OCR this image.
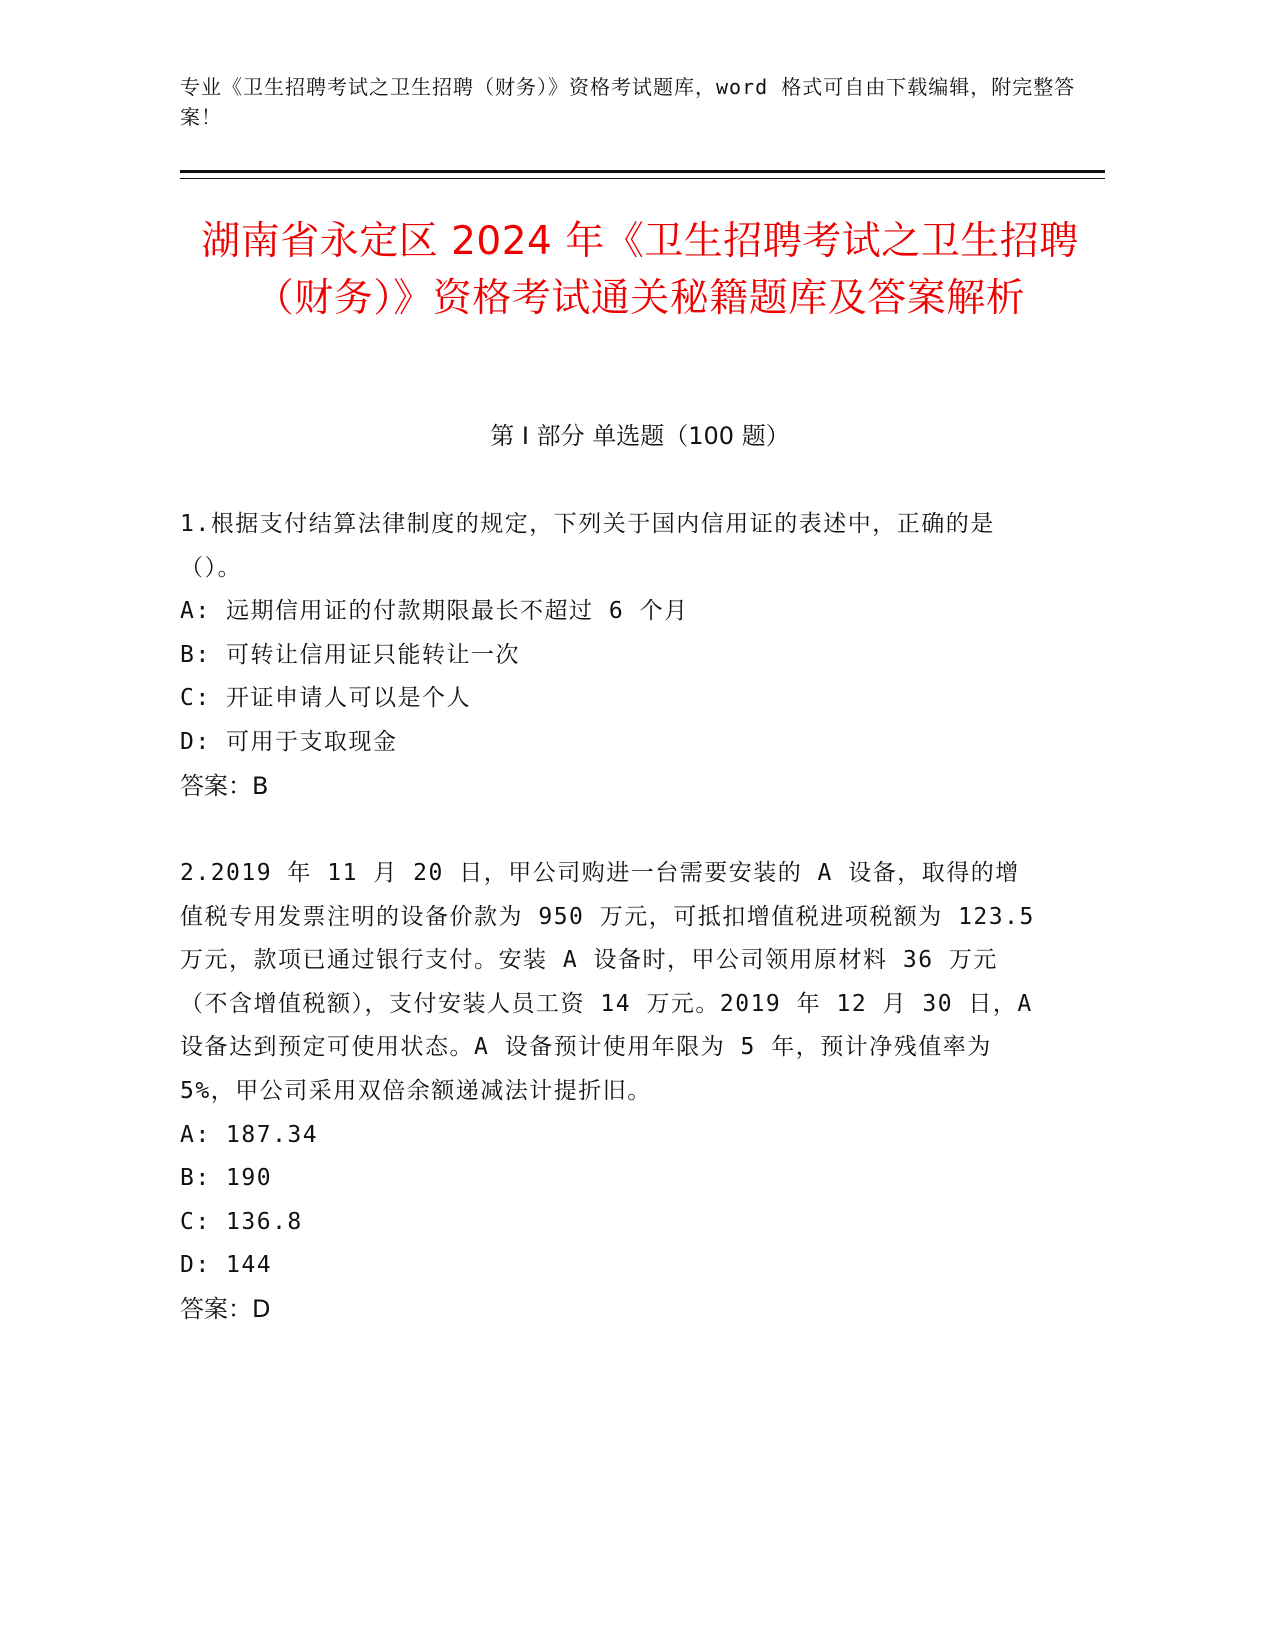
专业《卫生招聘考试之卫生招聘（财务）》资格考试题库，word 格式可自由下载编辑，附完整答案！
湖南省永定区 2024 年《卫生招聘考试之卫生招聘（财务）》资格考试通关秘籍题库及答案解析
第 I 部分 单选题（100 题）

1.根据支付结算法律制度的规定，下列关于国内信用证的表述中，正确的是（）。

A: 远期信用证的付款期限最长不超过 6 个月

B: 可转让信用证只能转让一次

C: 开证申请人可以是个人

D: 可用于支取现金

答案：B

2.2019 年 11 月 20 日，甲公司购进一台需要安装的 A 设备，取得的增值税专用发票注明的设备价款为 950 万元，可抵扣增值税进项税额为 123.5 万元，款项已通过银行支付。安装 A 设备时，甲公司领用原材料 36 万元（不含增值税额），支付安装人员工资 14 万元。2019 年 12 月 30 日，A 设备达到预定可使用状态。A 设备预计使用年限为 5 年，预计净残值率为 5%，甲公司采用双倍余额递减法计提折旧。

A: 187.34

B: 190

C: 136.8

D: 144

答案：D
